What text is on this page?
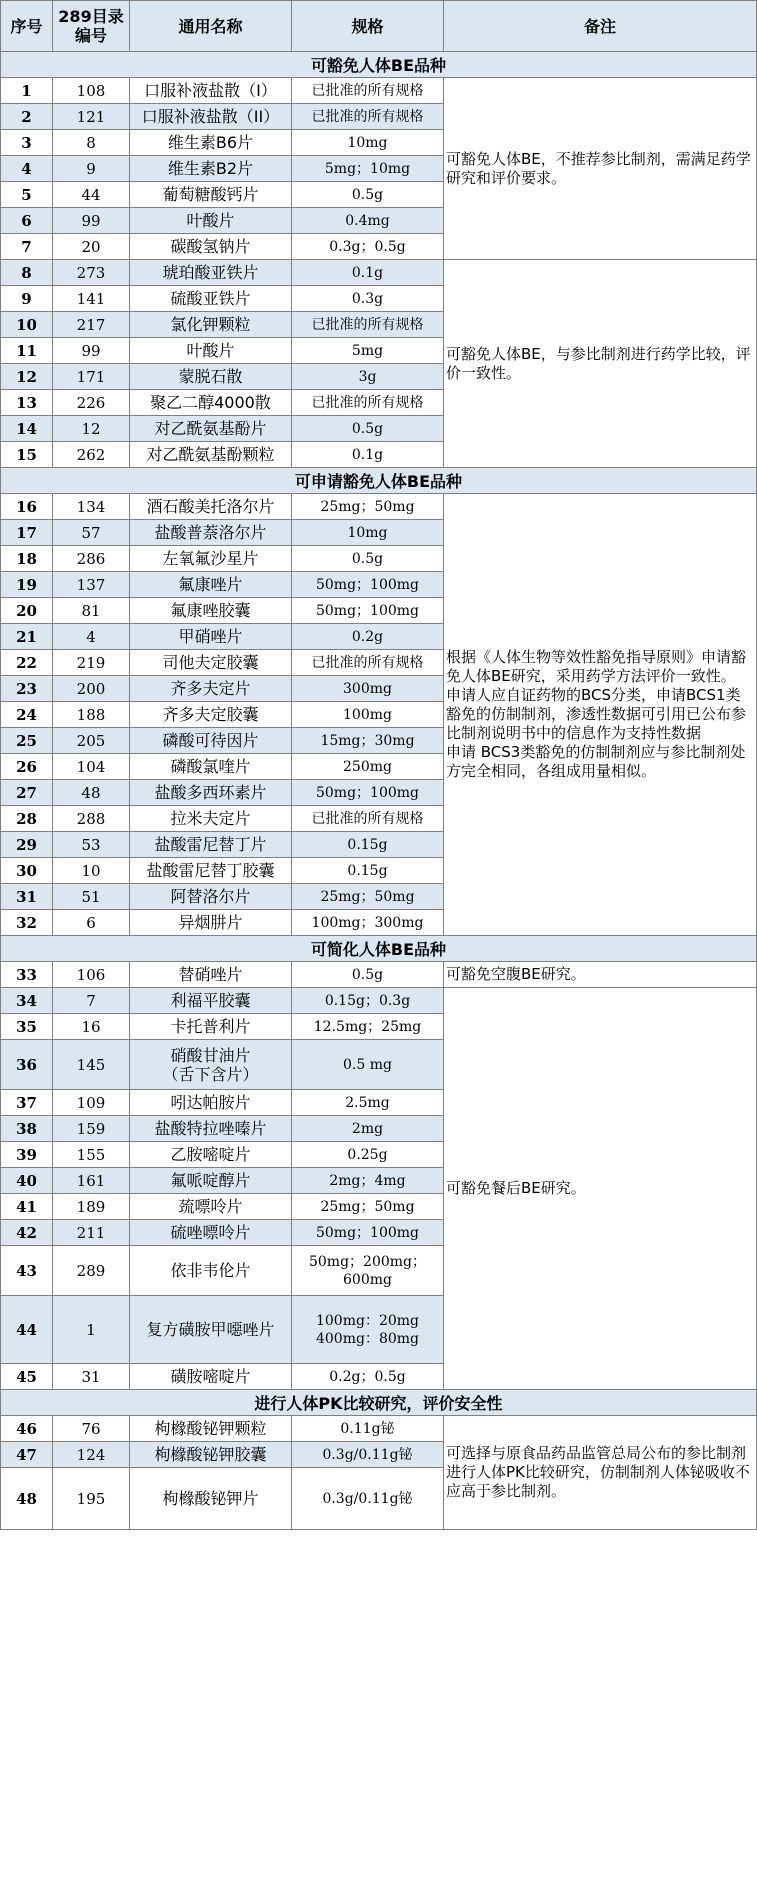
序号	289目录
编号	通用名称	规格	备注
可豁免人体BE品种				
1	108	口服补液盐散（I）	已批准的所有规格	可豁免人体BE，不推荐参比制剂，需满足药学研究和评价要求。
2	121	口服补液盐散（II）	已批准的所有规格	
3	8	维生素B6片	10mg	
4	9	维生素B2片	5mg；10mg	
5	44	葡萄糖酸钙片	0.5g	
6	99	叶酸片	0.4mg	
7	20	碳酸氢钠片	0.3g；0.5g	
8	273	琥珀酸亚铁片	0.1g	可豁免人体BE，与参比制剂进行药学比较，评价一致性。
9	141	硫酸亚铁片	0.3g	
10	217	氯化钾颗粒	已批准的所有规格	
11	99	叶酸片	5mg	
12	171	蒙脱石散	3g	
13	226	聚乙二醇4000散	已批准的所有规格	
14	12	对乙酰氨基酚片	0.5g	
15	262	对乙酰氨基酚颗粒	0.1g	
可申请豁免人体BE品种				
16	134	酒石酸美托洛尔片	25mg；50mg	根据《人体生物等效性豁免指导原则》申请豁免人体BE研究，采用药学方法评价一致性。
申请人应自证药物的BCS分类，申请BCS1类豁免的仿制制剂，渗透性数据可引用已公布参比制剂说明书中的信息作为支持性数据
申请 BCS3类豁免的仿制制剂应与参比制剂处方完全相同，各组成用量相似。
17	57	盐酸普萘洛尔片	10mg	
18	286	左氧氟沙星片	0.5g	
19	137	氟康唑片	50mg；100mg	
20	81	氟康唑胶囊	50mg；100mg	
21	4	甲硝唑片	0.2g	
22	219	司他夫定胶囊	已批准的所有规格	
23	200	齐多夫定片	300mg	
24	188	齐多夫定胶囊	100mg	
25	205	磷酸可待因片	15mg；30mg	
26	104	磷酸氯喹片	250mg	
27	48	盐酸多西环素片	50mg；100mg	
28	288	拉米夫定片	已批准的所有规格	
29	53	盐酸雷尼替丁片	0.15g	
30	10	盐酸雷尼替丁胶囊	0.15g	
31	51	阿替洛尔片	25mg；50mg	
32	6	异烟肼片	100mg；300mg	
可简化人体BE品种				
33	106	替硝唑片	0.5g	可豁免空腹BE研究。
34	7	利福平胶囊	0.15g；0.3g	可豁免餐后BE研究。
35	16	卡托普利片	12.5mg；25mg	
36	145	硝酸甘油片
（舌下含片）	0.5 mg	
37	109	吲达帕胺片	2.5mg	
38	159	盐酸特拉唑嗪片	2mg	
39	155	乙胺嘧啶片	0.25g	
40	161	氟哌啶醇片	2mg；4mg	
41	189	巯嘌呤片	25mg；50mg	
42	211	硫唑嘌呤片	50mg；100mg	
43	289	依非韦伦片	50mg；200mg；
600mg	
44	1	复方磺胺甲噁唑片	100mg：20mg
400mg：80mg	
45	31	磺胺嘧啶片	0.2g；0.5g	
进行人体PK比较研究，评价安全性				
46	76	枸橼酸铋钾颗粒	0.11g铋	可选择与原食品药品监管总局公布的参比制剂进行人体PK比较研究，仿制制剂人体铋吸收不应高于参比制剂。
47	124	枸橼酸铋钾胶囊	0.3g/0.11g铋	
48	195	枸橼酸铋钾片	0.3g/0.11g铋	
